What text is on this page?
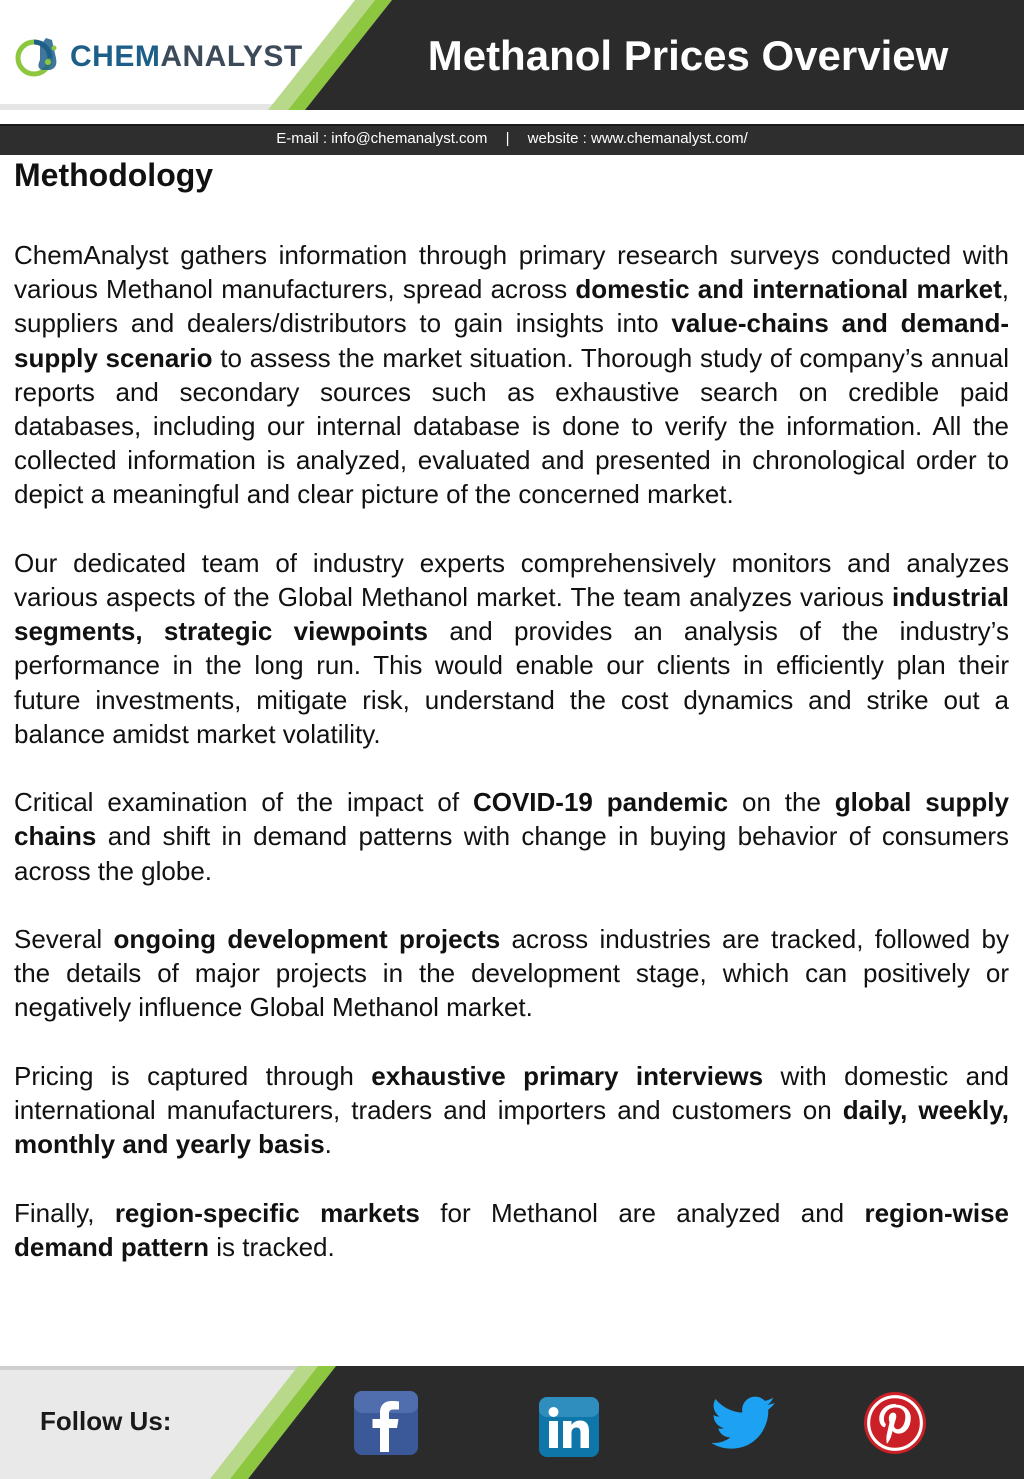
CHEMANALYST	Methanol Prices Overview
E-mail : info@chemanalyst.com | website : www.chemanalyst.com/
Methodology

ChemAnalyst gathers information through primary research surveys conducted with various Methanol manufacturers, spread across domestic and international market, suppliers and dealers/distributors to gain insights into value-chains and demand-supply scenario to assess the market situation. Thorough study of company’s annual reports and secondary sources such as exhaustive search on credible paid databases, including our internal database is done to verify the information. All the collected information is analyzed, evaluated and presented in chronological order to depict a meaningful and clear picture of the concerned market.

Our dedicated team of industry experts comprehensively monitors and analyzes various aspects of the Global Methanol market. The team analyzes various industrial segments, strategic viewpoints and provides an analysis of the industry’s performance in the long run. This would enable our clients in efficiently plan their future investments, mitigate risk, understand the cost dynamics and strike out a balance amidst market volatility.

Critical examination of the impact of COVID-19 pandemic on the global supply chains and shift in demand patterns with change in buying behavior of consumers across the globe.

Several ongoing development projects across industries are tracked, followed by the details of major projects in the development stage, which can positively or negatively influence Global Methanol market.

Pricing is captured through exhaustive primary interviews with domestic and international manufacturers, traders and importers and customers on daily, weekly, monthly and yearly basis.

Finally, region-specific markets for Methanol are analyzed and region-wise demand pattern is tracked.

Follow Us:
